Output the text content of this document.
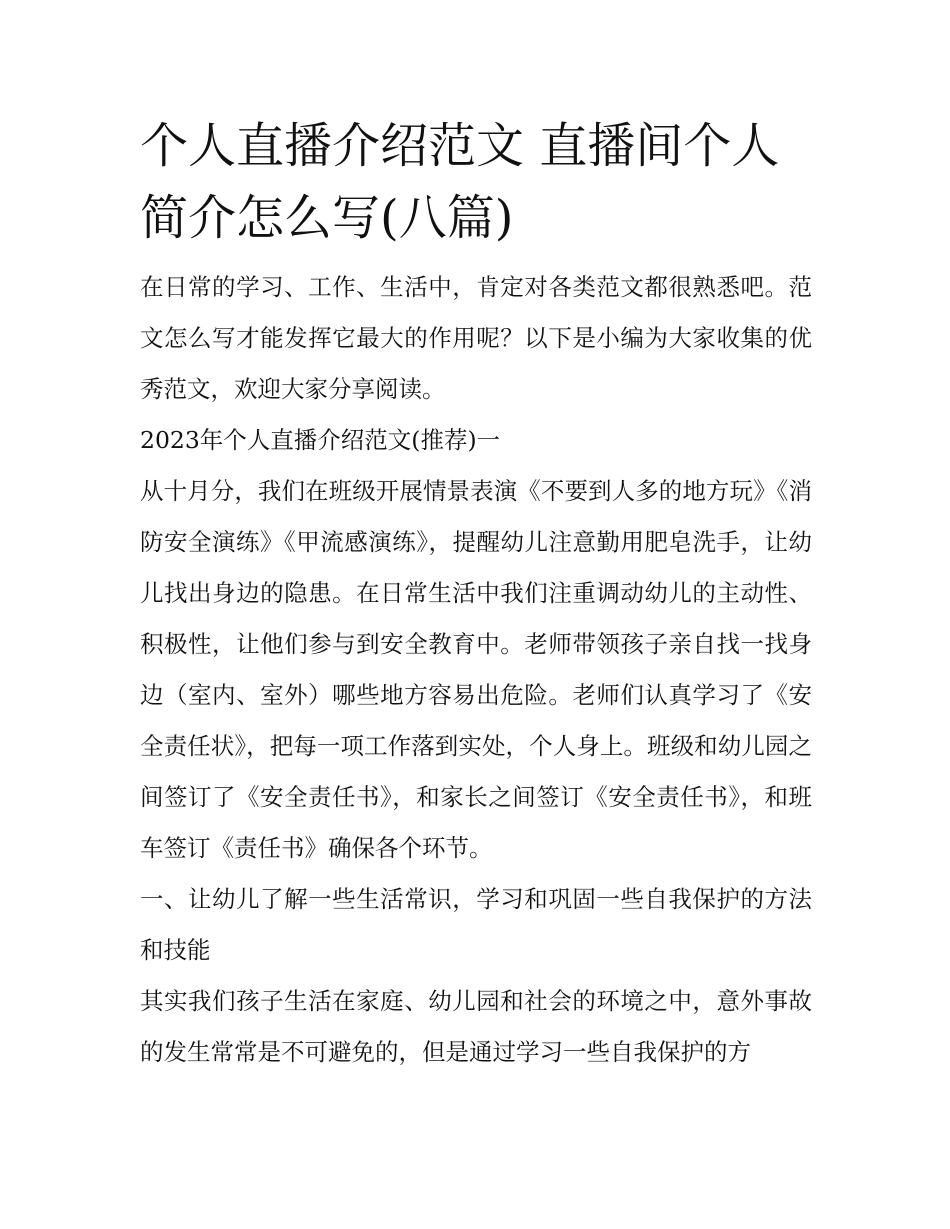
个人直播介绍范文 直播间个人简介怎么写(八篇)

在日常的学习、工作、生活中，肯定对各类范文都很熟悉吧。范文怎么写才能发挥它最大的作用呢？以下是小编为大家收集的优秀范文，欢迎大家分享阅读。

2023年个人直播介绍范文(推荐)一

从十月分，我们在班级开展情景表演《不要到人多的地方玩》《消防安全演练》《甲流感演练》，提醒幼儿注意勤用肥皂洗手，让幼儿找出身边的隐患。在日常生活中我们注重调动幼儿的主动性、积极性，让他们参与到安全教育中。老师带领孩子亲自找一找身边（室内、室外）哪些地方容易出危险。老师们认真学习了《安全责任状》，把每一项工作落到实处，个人身上。班级和幼儿园之间签订了《安全责任书》，和家长之间签订《安全责任书》，和班车签订《责任书》确保各个环节。

一、让幼儿了解一些生活常识，学习和巩固一些自我保护的方法和技能

其实我们孩子生活在家庭、幼儿园和社会的环境之中，意外事故的发生常常是不可避免的，但是通过学习一些自我保护的方
